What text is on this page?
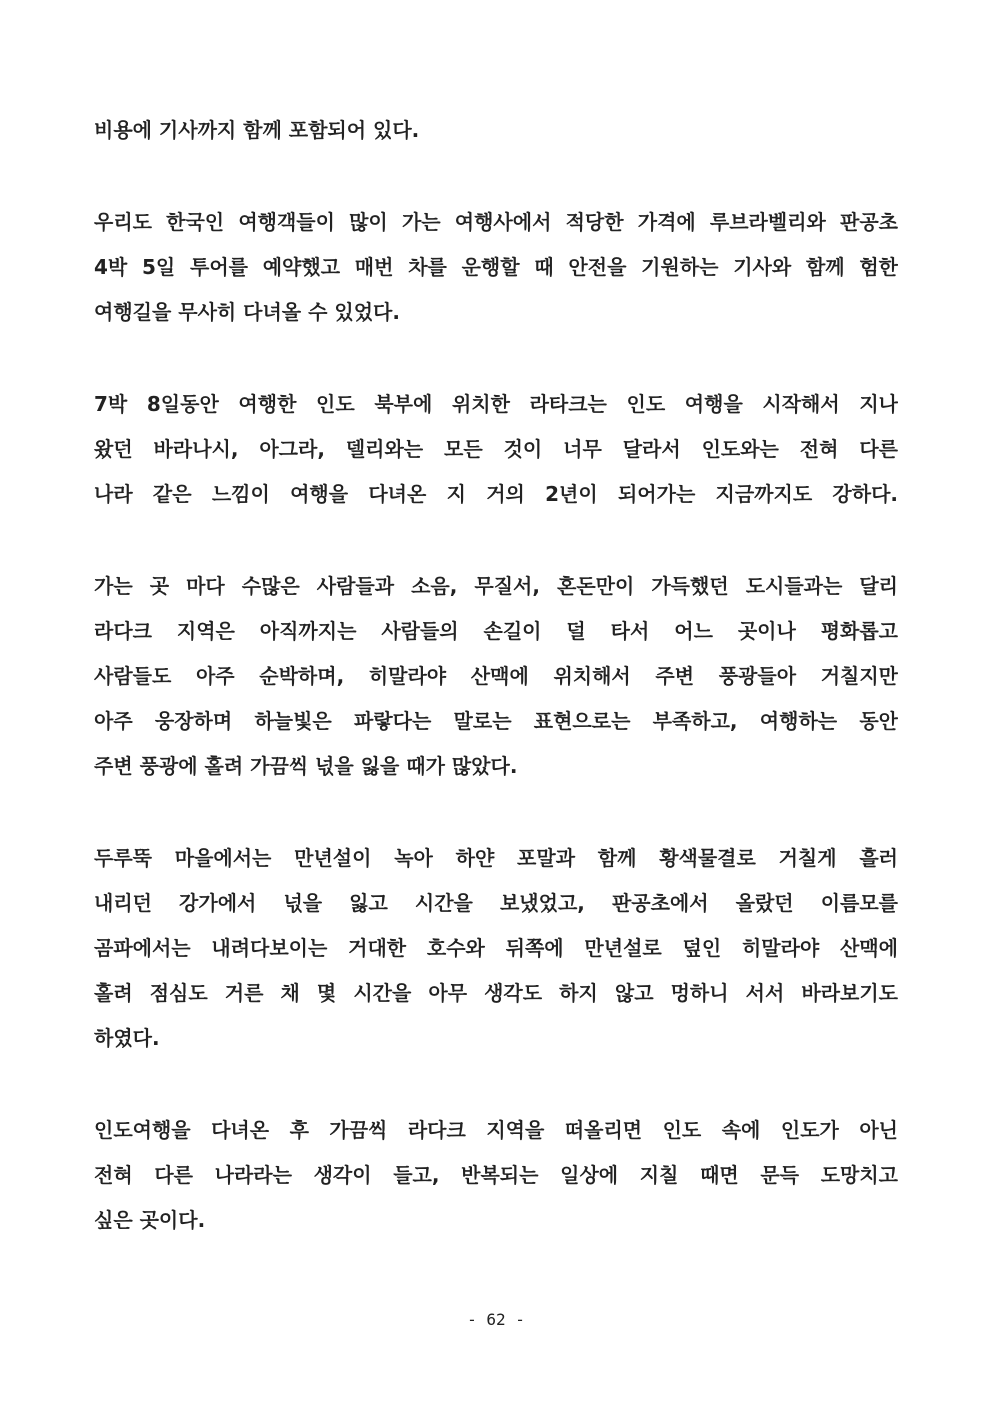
비용에 기사까지 함께 포함되어 있다.
우리도 한국인 여행객들이 많이 가는 여행사에서 적당한 가격에 루브라벨리와 판공초
4박 5일 투어를 예약했고 매번 차를 운행할 때 안전을 기원하는 기사와 함께 험한
여행길을 무사히 다녀올 수 있었다.
7박 8일동안 여행한 인도 북부에 위치한 라타크는 인도 여행을 시작해서 지나
왔던 바라나시, 아그라, 델리와는 모든 것이 너무 달라서 인도와는 전혀 다른
나라 같은 느낌이 여행을 다녀온 지 거의 2년이 되어가는 지금까지도 강하다.
가는 곳 마다 수많은 사람들과 소음, 무질서, 혼돈만이 가득했던 도시들과는 달리
라다크 지역은 아직까지는 사람들의 손길이 덜 타서 어느 곳이나 평화롭고
사람들도 아주 순박하며, 히말라야 산맥에 위치해서 주변 풍광들아 거칠지만
아주 웅장하며 하늘빛은 파랗다는 말로는 표현으로는 부족하고, 여행하는 동안
주변 풍광에 홀려 가끔씩 넋을 잃을 때가 많았다.
두루뚝 마을에서는 만년설이 녹아 하얀 포말과 함께 황색물결로 거칠게 흘러
내리던 강가에서 넋을 잃고 시간을 보냈었고, 판공초에서 올랐던 이름모를
곰파에서는 내려다보이는 거대한 호수와 뒤쪽에 만년설로 덮인 히말라야 산맥에
홀려 점심도 거른 채 몇 시간을 아무 생각도 하지 않고 멍하니 서서 바라보기도
하였다.
인도여행을 다녀온 후 가끔씩 라다크 지역을 떠올리면 인도 속에 인도가 아닌
전혀 다른 나라라는 생각이 들고, 반복되는 일상에 지칠 때면 문득 도망치고
싶은 곳이다.
- 62 -
